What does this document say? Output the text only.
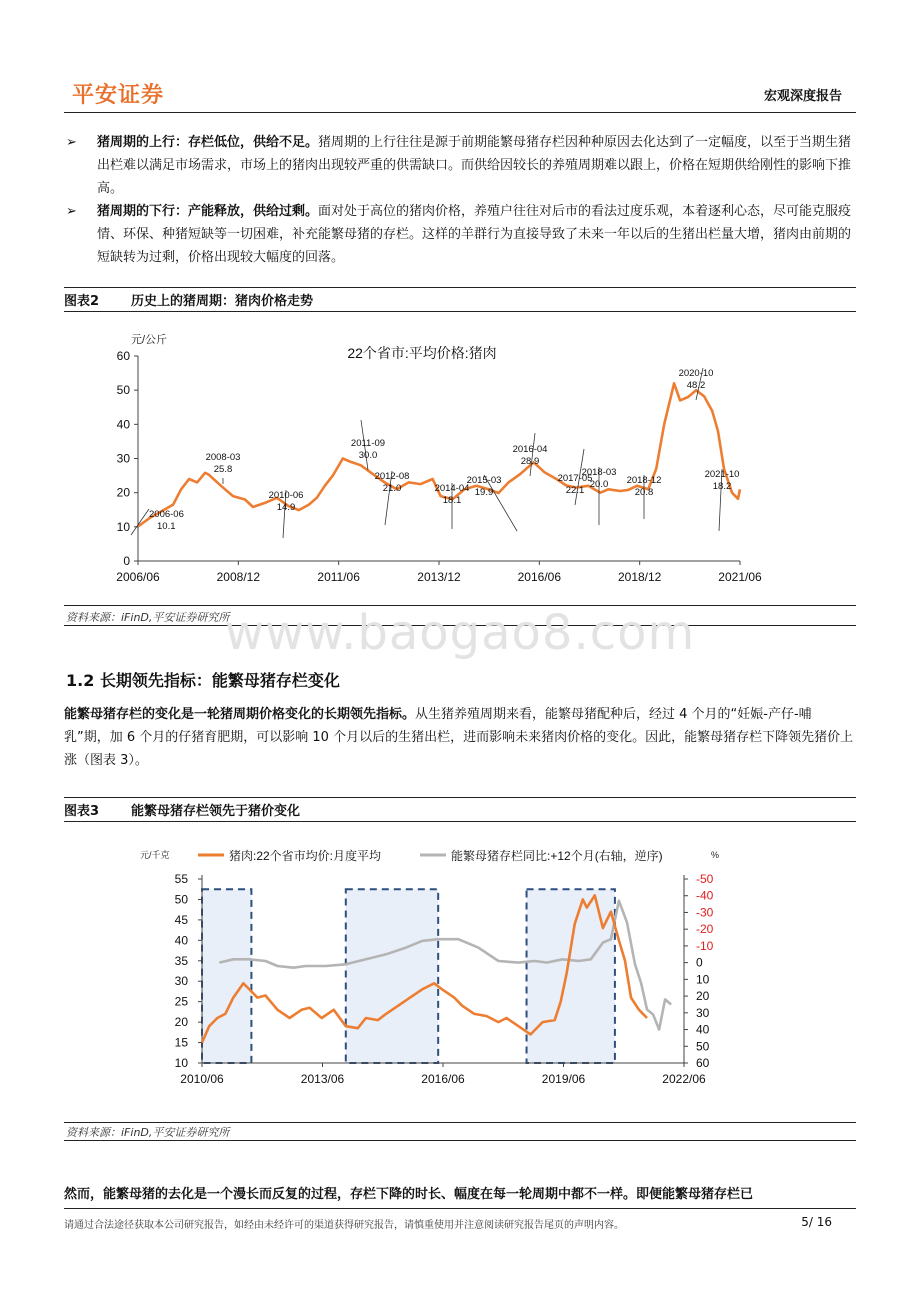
平安证券	宏观深度报告

➢ 猪周期的上行：存栏低位，供给不足。猪周期的上行往往是源于前期能繁母猪存栏因种种原因去化达到了一定幅度，以至于当期生猪出栏难以满足市场需求，市场上的猪肉出现较严重的供需缺口。而供给因较长的养殖周期难以跟上，价格在短期供给刚性的影响下推高。

➢ 猪周期的下行：产能释放，供给过剩。面对处于高位的猪肉价格，养殖户往往对后市的看法过度乐观，本着逐利心态，尽可能克服疫情、环保、种猪短缺等一切困难，补充能繁母猪的存栏。这样的羊群行为直接导致了未来一年以后的生猪出栏量大增，猪肉由前期的短缺转为过剩，价格出现较大幅度的回落。

图表2 历史上的猪周期：猪肉价格走势
元/公斤
22个省市:平均价格:猪肉
0
10
20
30
40
50
60
2006/06	2008/12	2011/06	2013/12	2016/06	2018/12	2021/06
2006-06
10.1
2008-03
25.8
2010-06
14.9
2011-09
30.0
2012-08
21.0	2014-04
18.1
2015-03
19.9
2016-04
28.9
2017-05
22.1
2018-03
20.0 2018-12
20.8
2020-10
48.2
2021-10
18.2
资料来源：iFinD,平安证券研究所
www.baogao8.com
1.2 长期领先指标：能繁母猪存栏变化
能繁母猪存栏的变化是一轮猪周期价格变化的长期领先指标。从生猪养殖周期来看，能繁母猪配种后，经过 4 个月的“妊娠-产仔-哺乳”期，加 6 个月的仔猪育肥期，可以影响 10 个月以后的生猪出栏，进而影响未来猪肉价格的变化。因此，能繁母猪存栏下降领先猪价上涨（图表 3）。
图表3 能繁母猪存栏领先于猪价变化
元/千克	%
猪肉:22个省市均价:月度平均	能繁母猪存栏同比:+12个月(右轴，逆序)
10
15
20
25
30
35
40
45
50
55	-50
-40
-30
-20
-10
0
10
20
30
40
50
60
2010/06	2013/06	2016/06	2019/06	2022/06
资料来源：iFinD,平安证券研究所
然而，能繁母猪的去化是一个漫长而反复的过程，存栏下降的时长、幅度在每一轮周期中都不一样。即便能繁母猪存栏已
请通过合法途径获取本公司研究报告，如经由未经许可的渠道获得研究报告，请慎重使用并注意阅读研究报告尾页的声明内容。	5/ 16
